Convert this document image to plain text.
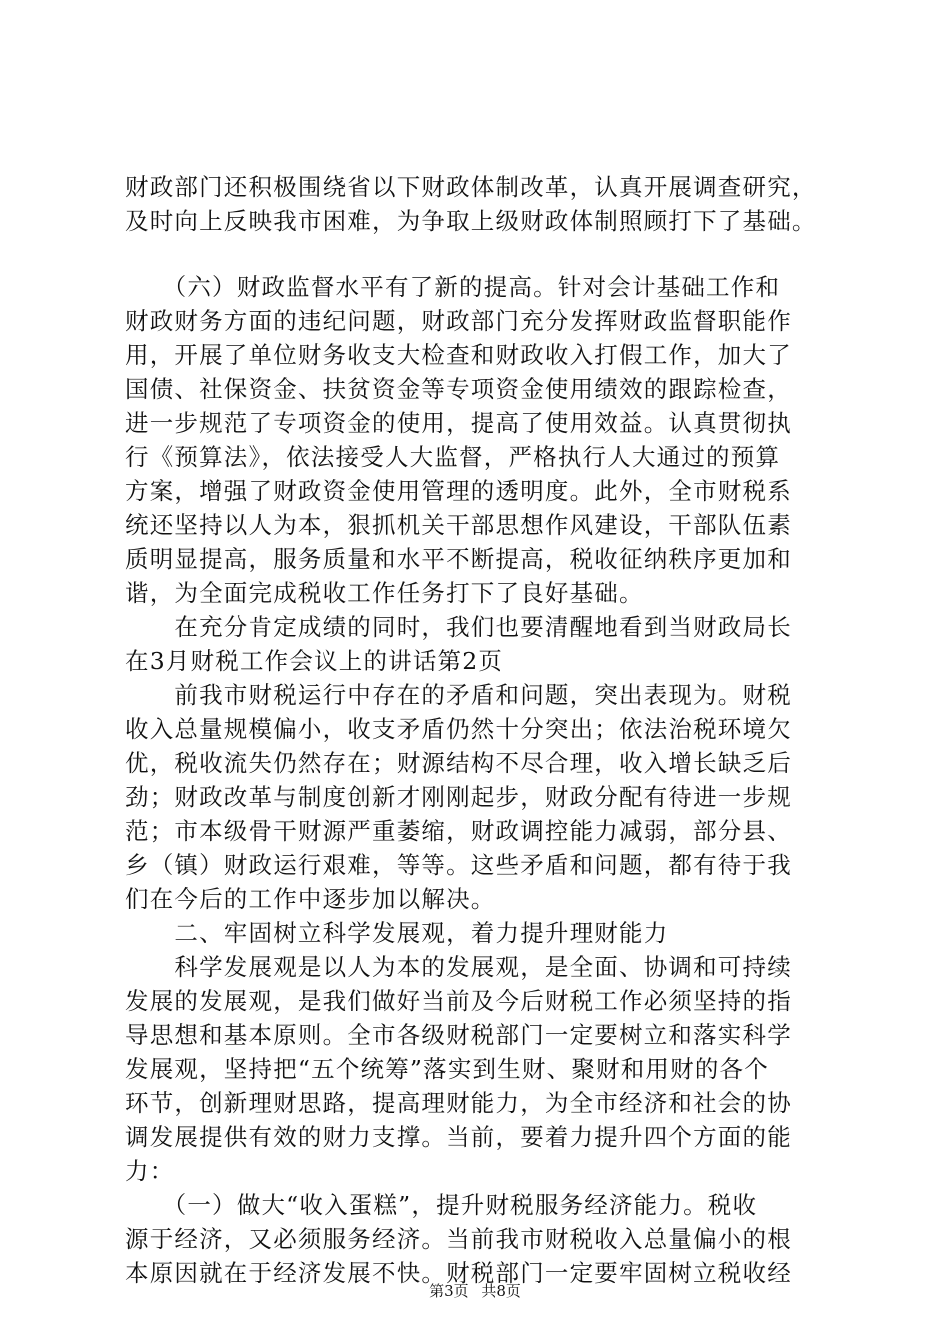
财政部门还积极围绕省以下财政体制改革，认真开展调查研究，
及时向上反映我市困难，为争取上级财政体制照顾打下了基础。
　　（六）财政监督水平有了新的提高。针对会计基础工作和
财政财务方面的违纪问题，财政部门充分发挥财政监督职能作
用，开展了单位财务收支大检查和财政收入打假工作，加大了
国债、社保资金、扶贫资金等专项资金使用绩效的跟踪检查，
进一步规范了专项资金的使用，提高了使用效益。认真贯彻执
行《预算法》，依法接受人大监督，严格执行人大通过的预算
方案，增强了财政资金使用管理的透明度。此外，全市财税系
统还坚持以人为本，狠抓机关干部思想作风建设，干部队伍素
质明显提高，服务质量和水平不断提高，税收征纳秩序更加和
谐，为全面完成税收工作任务打下了良好基础。
　　在充分肯定成绩的同时，我们也要清醒地看到当财政局长
在3月财税工作会议上的讲话第2页
　　前我市财税运行中存在的矛盾和问题，突出表现为。财税
收入总量规模偏小，收支矛盾仍然十分突出；依法治税环境欠
优，税收流失仍然存在；财源结构不尽合理，收入增长缺乏后
劲；财政改革与制度创新才刚刚起步，财政分配有待进一步规
范；市本级骨干财源严重萎缩，财政调控能力减弱，部分县、
乡（镇）财政运行艰难，等等。这些矛盾和问题，都有待于我
们在今后的工作中逐步加以解决。
　　二、牢固树立科学发展观，着力提升理财能力
　　科学发展观是以人为本的发展观，是全面、协调和可持续
发展的发展观，是我们做好当前及今后财税工作必须坚持的指
导思想和基本原则。全市各级财税部门一定要树立和落实科学
发展观，坚持把“五个统筹”落实到生财、聚财和用财的各个
环节，创新理财思路，提高理财能力，为全市经济和社会的协
调发展提供有效的财力支撑。当前，要着力提升四个方面的能
力：
　　（一）做大“收入蛋糕”，提升财税服务经济能力。税收
源于经济，又必须服务经济。当前我市财税收入总量偏小的根
本原因就在于经济发展不快。财税部门一定要牢固树立税收经
第3页 共8页
